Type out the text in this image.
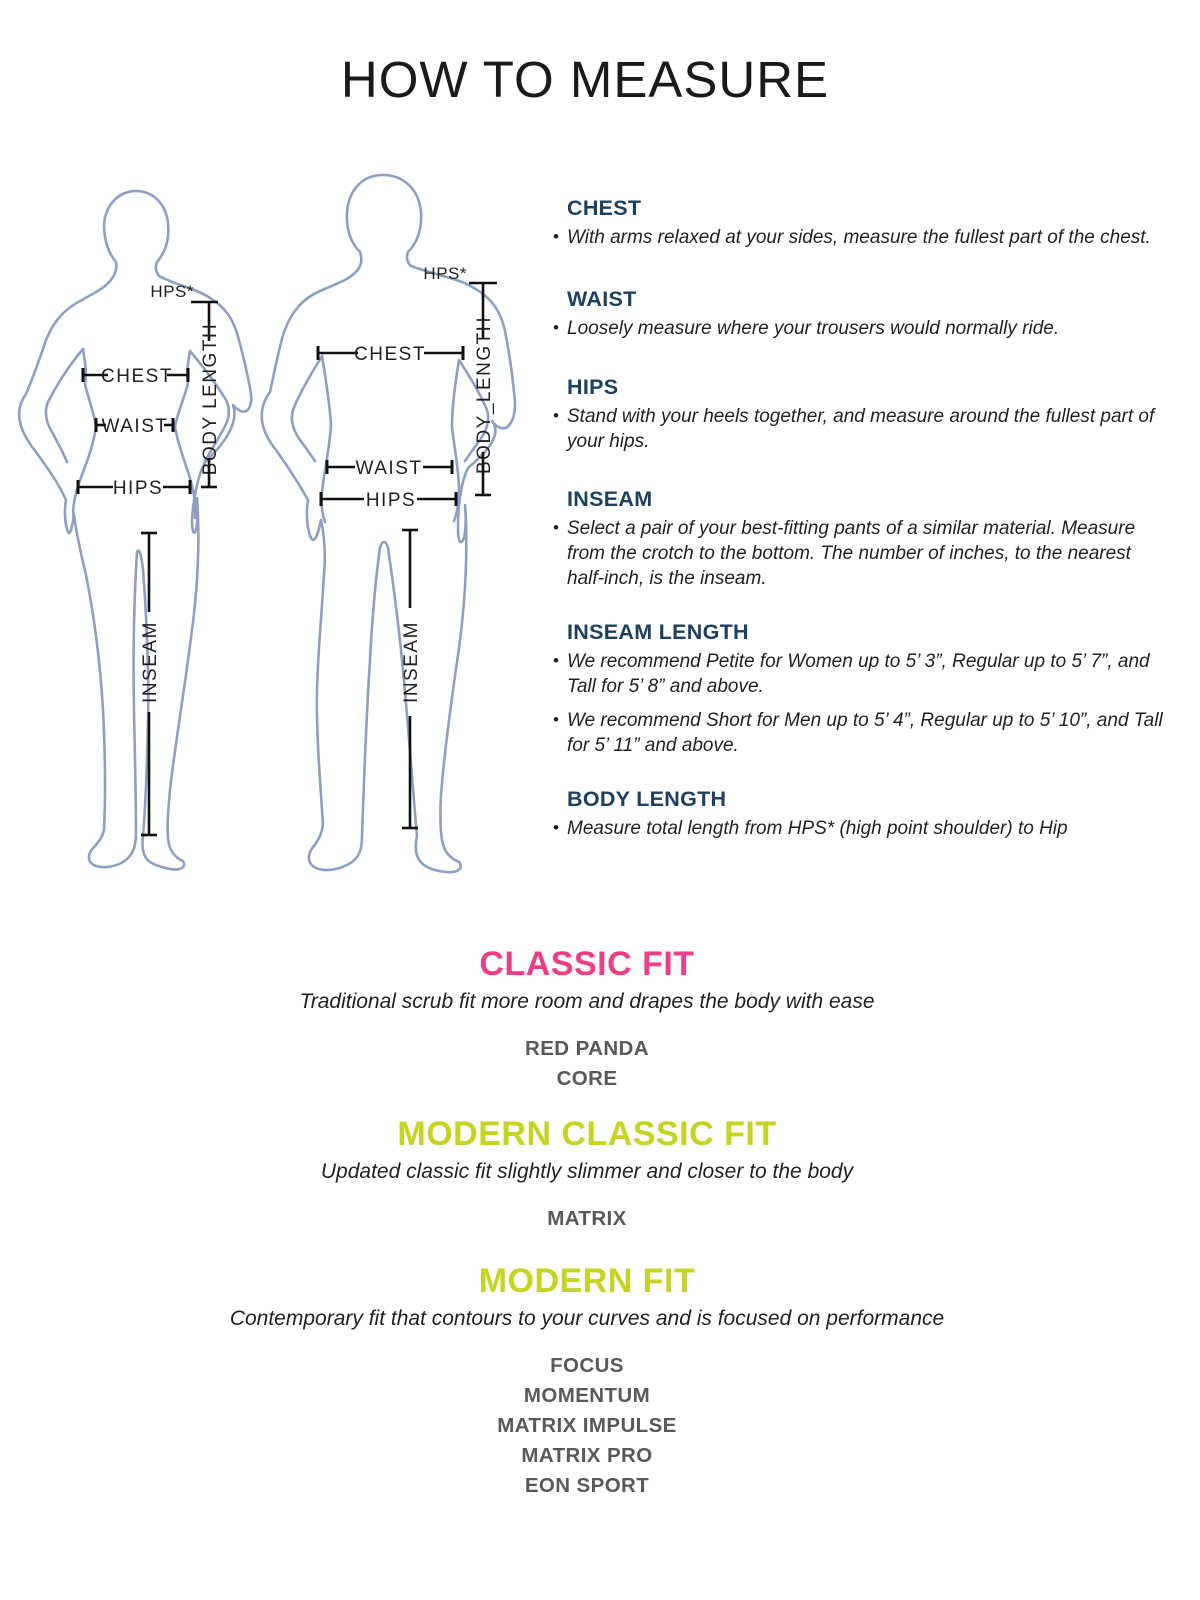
HOW TO MEASURE
CHEST
WAIST
HIPS
HPS*
BODY LENGTH
INSEAM
CHEST
WAIST
HIPS
HPS*
BODY_LENGTH
INSEAM
CHEST
• With arms relaxed at your sides, measure the fullest part of the chest.
WAIST
• Loosely measure where your trousers would normally ride.
HIPS
• Stand with your heels together, and measure around the fullest part of your hips.
INSEAM
• Select a pair of your best-fitting pants of a similar material. Measure from the crotch to the bottom. The number of inches, to the nearest half-inch, is the inseam.
INSEAM LENGTH
• We recommend Petite for Women up to 5’ 3”, Regular up to 5’ 7”, and Tall for 5’ 8” and above.
• We recommend Short for Men up to 5’ 4”, Regular up to 5’ 10”, and Tall for 5’ 11” and above.
BODY LENGTH
• Measure total length from HPS* (high point shoulder) to Hip
CLASSIC FIT

Traditional scrub fit more room and drapes the body with ease

RED PANDA
CORE
MODERN CLASSIC FIT

Updated classic fit slightly slimmer and closer to the body

MATRIX
MODERN FIT

Contemporary fit that contours to your curves and is focused on performance

FOCUS
MOMENTUM
MATRIX IMPULSE
MATRIX PRO
EON SPORT
